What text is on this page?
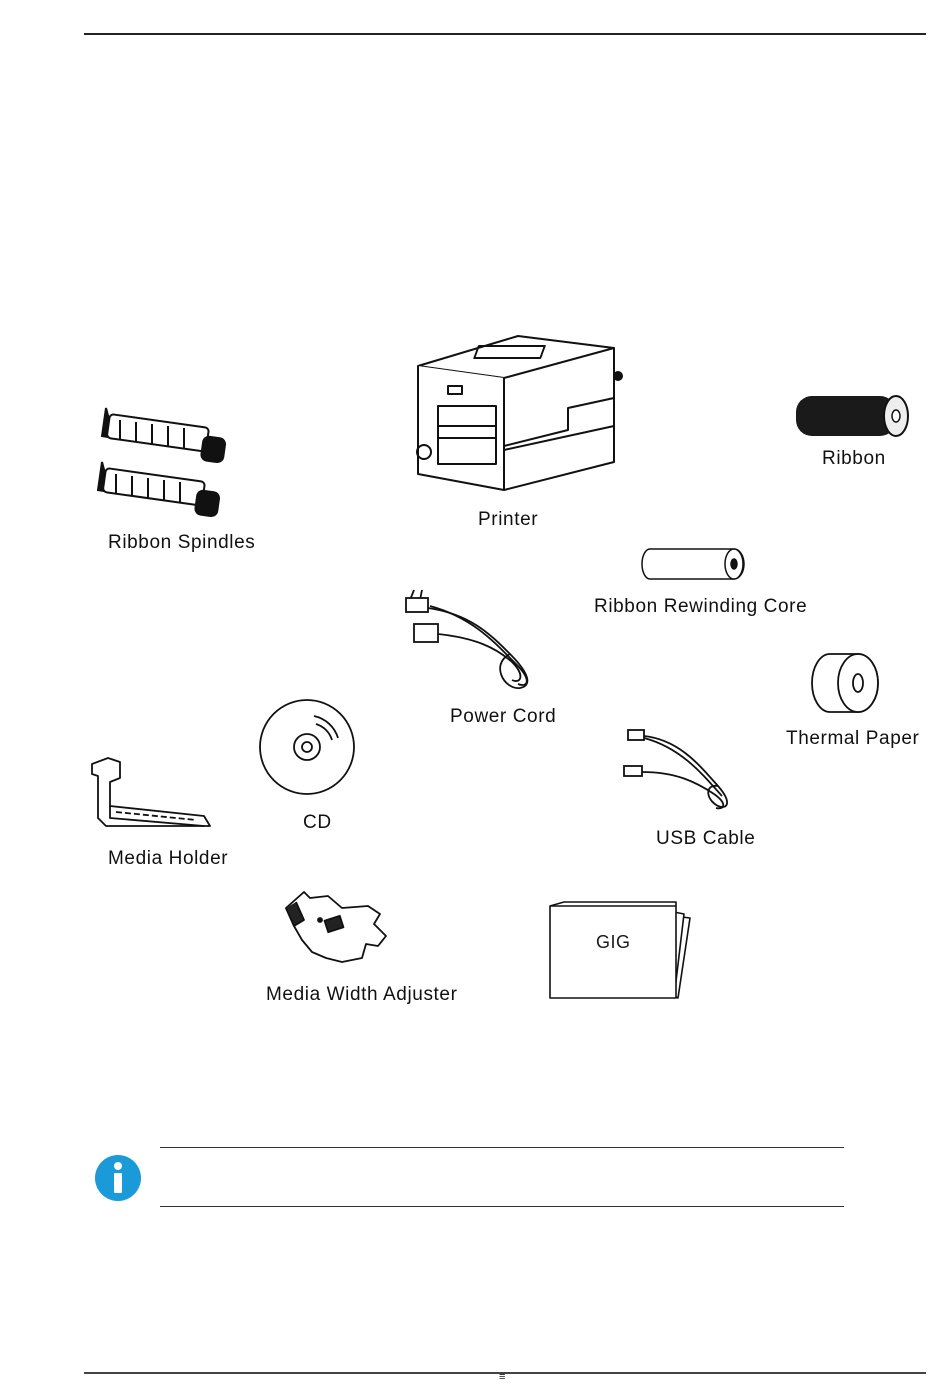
Ribbon Spindles
Printer
Ribbon
Ribbon Rewinding Core
Power Cord
Thermal Paper
CD
USB Cable
Media Holder
Media Width Adjuster
GIG
≡
